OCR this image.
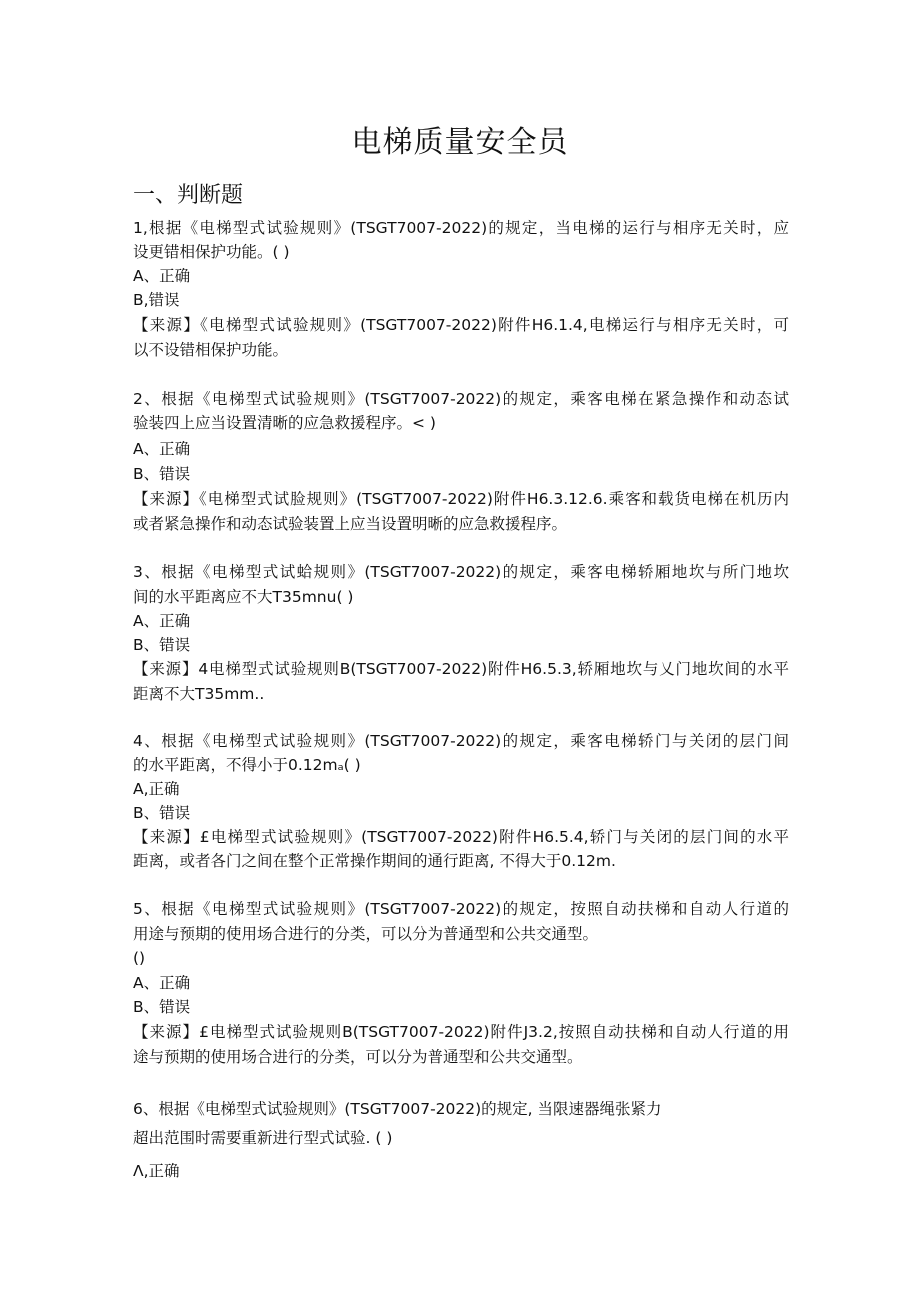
电梯质量安全员
一、判断题
1,根据《电梯型式试验规则》(TSGT7007-2022)的规定，当电梯的运行与相序无关时，应
设更错相保护功能。( )
A、正确
B,错误
【来源】《电梯型式试验规则》(TSGT7007-2022)附件H6.1.4,电梯运行与相序无关时，可
以不设错相保护功能。
2、根据《电梯型式试验规则》(TSGT7007-2022)的规定，乘客电梯在紧急操作和动态试
验装四上应当设置清晰的应急救援程序。< )
A、正确
B、错误
【来源】《电梯型式试脸规则》(TSGT7007-2022)附件H6.3.12.6.乘客和载货电梯在机历内
或者紧急操作和动态试验装置上应当设置明晰的应急救援程序。
3、根据《电梯型式试蛤规则》(TSGT7007-2022)的规定，乘客电梯轿厢地坎与所门地坎
间的水平距离应不大T35mnu( )
A、正确
B、错误
【来源】4电梯型式试验规则B(TSGT7007-2022)附件H6.5.3,轿厢地坎与乂门地坎间的水平
距离不大T35mm..
4、根据《电梯型式试验规则》(TSGT7007-2022)的规定，乘客电梯轿门与关闭的层门间
的水平距离，不得小于0.12mₐ( )
A,正确
B、错误
【来源】£电梯型式试验规则》(TSGT7007-2022)附件H6.5.4,轿门与关闭的层门间的水平
距离，或者各门之间在整个正常操作期间的通行距离, 不得大于0.12m.
5、根据《电梯型式试验规则》(TSGT7007-2022)的规定，按照自动扶梯和自动人行道的
用途与预期的使用场合进行的分类，可以分为普通型和公共交通型。
()
A、正确
B、错误
【来源】£电梯型式试验规则B(TSGT7007-2022)附件J3.2,按照自动扶梯和自动人行道的用
途与预期的使用场合进行的分类，可以分为普通型和公共交通型。
6、根据《电梯型式试验规则》(TSGT7007-2022)的规定, 当限速器绳张紧力
超出范围时需要重新进行型式试验. ( )
Λ,正确
